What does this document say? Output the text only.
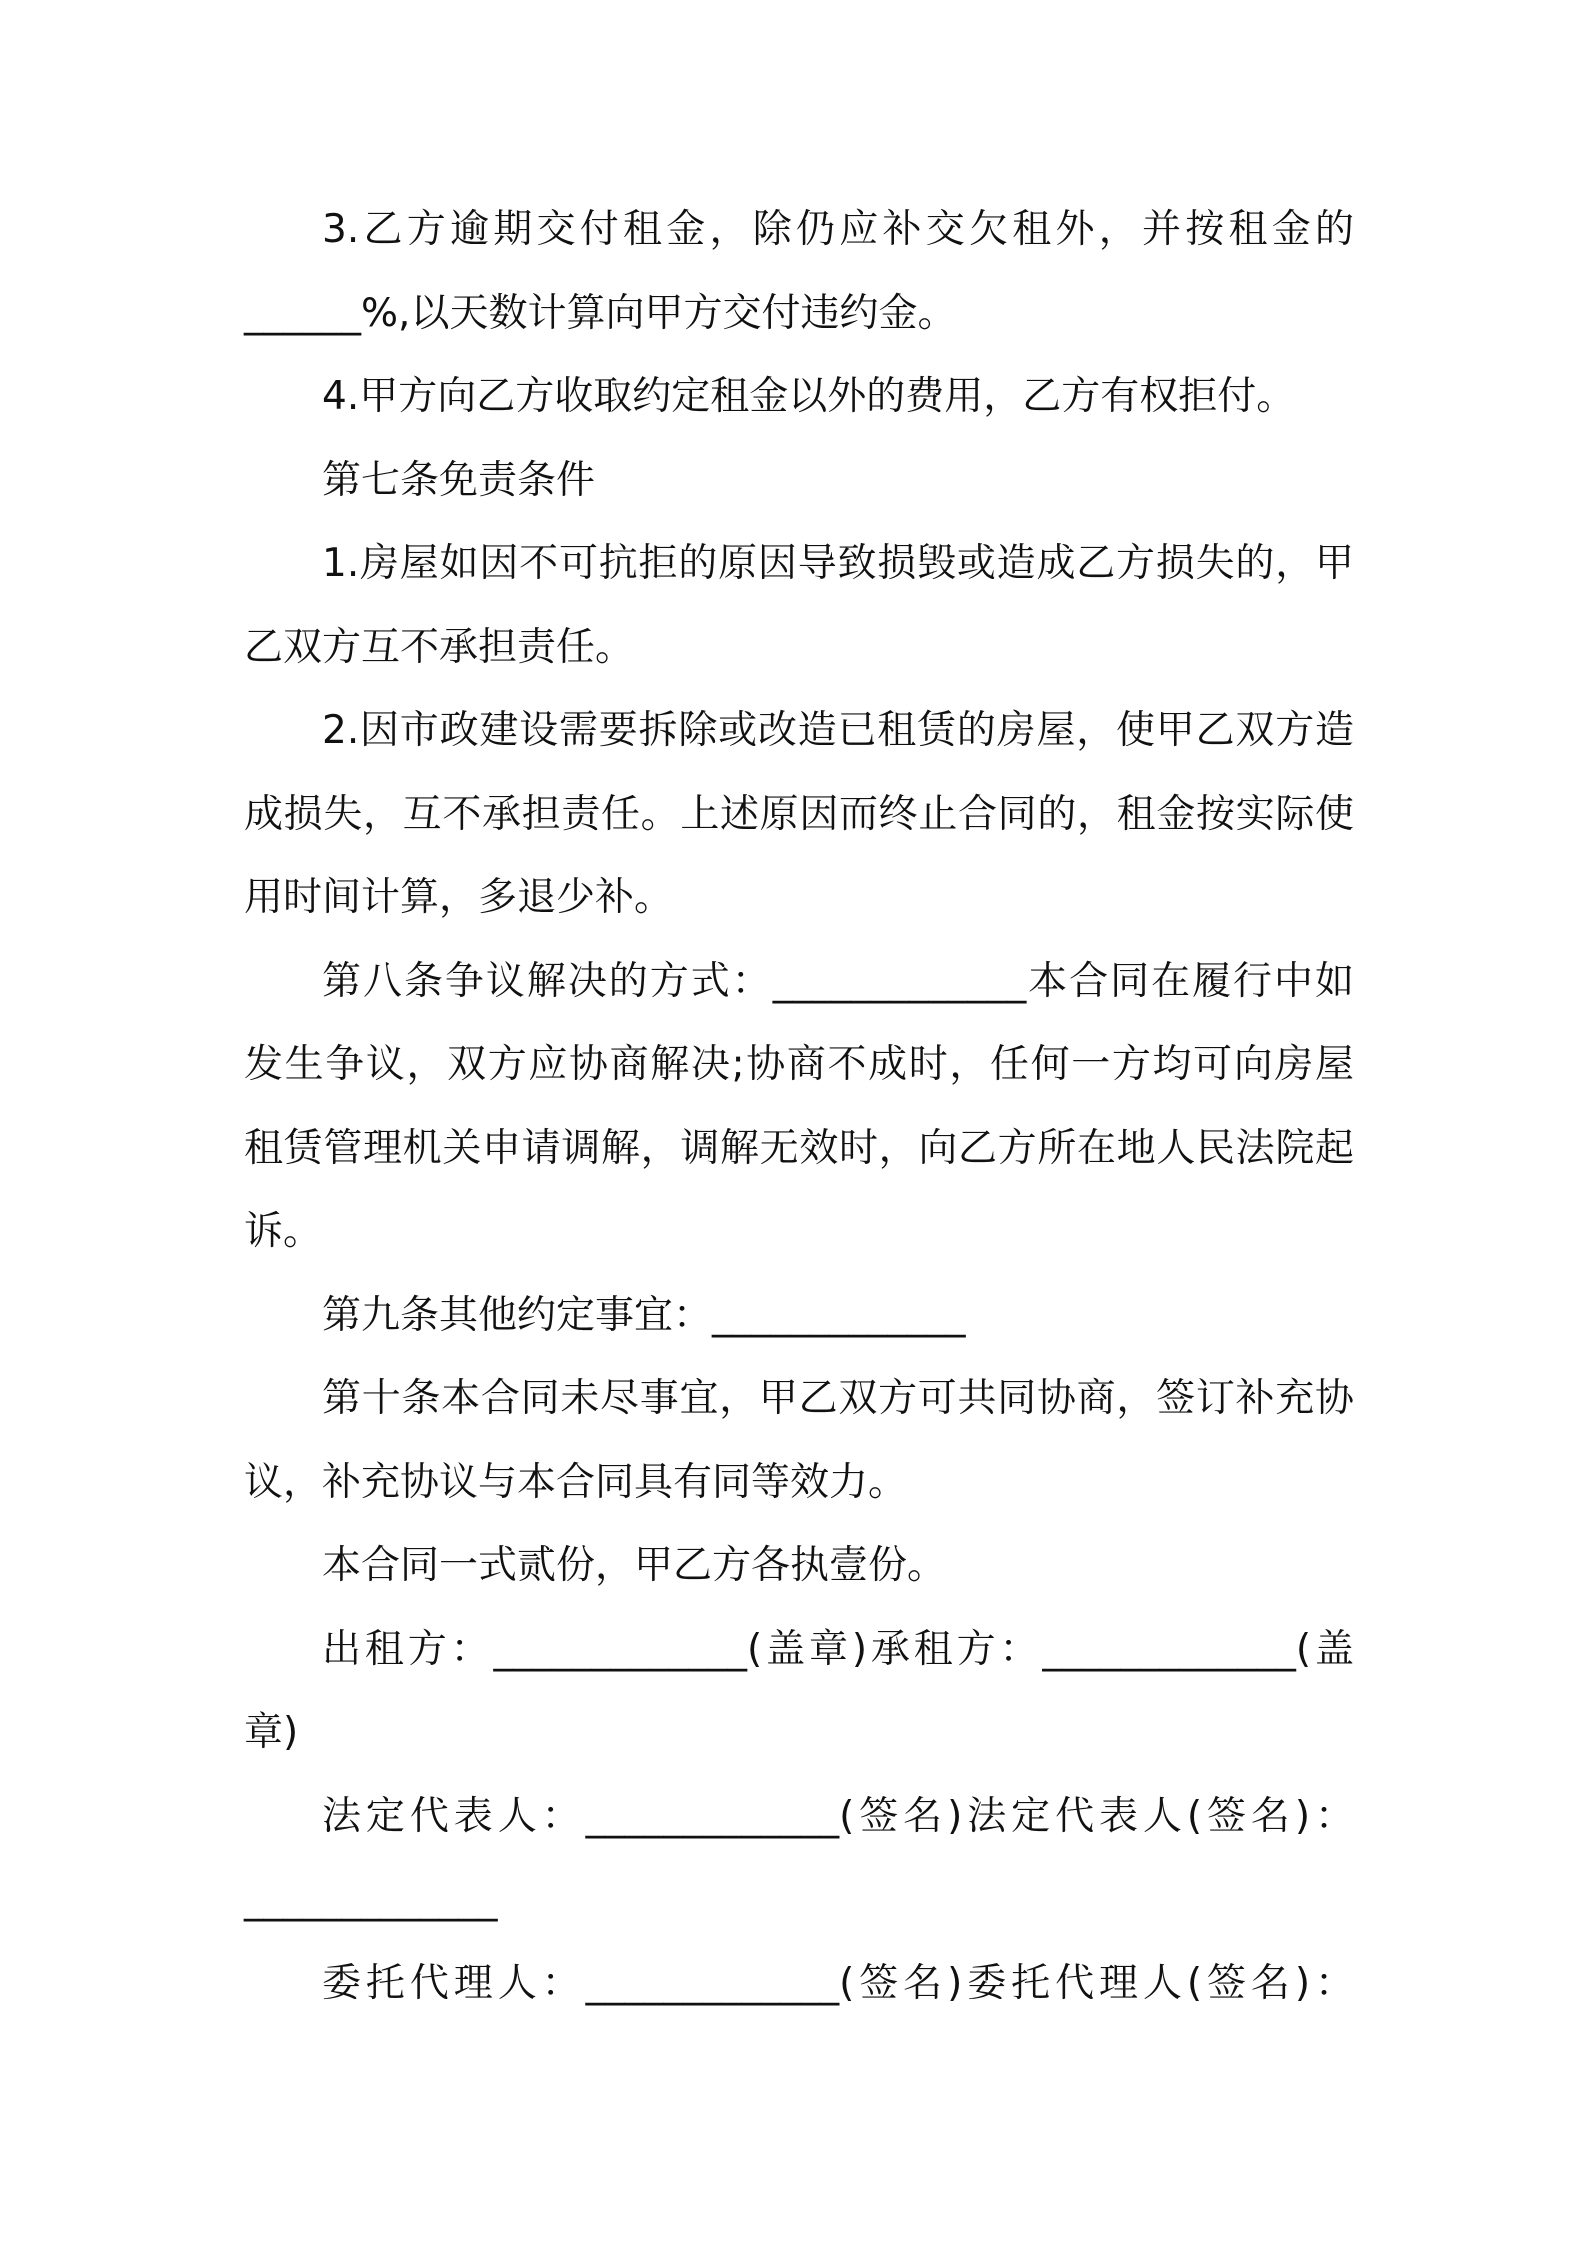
3.乙方逾期交付租金，除仍应补交欠租外，并按租金的
______%,以天数计算向甲方交付违约金。
4.甲方向乙方收取约定租金以外的费用，乙方有权拒付。
第七条免责条件
1.房屋如因不可抗拒的原因导致损毁或造成乙方损失的，甲
乙双方互不承担责任。
2.因市政建设需要拆除或改造已租赁的房屋，使甲乙双方造
成损失，互不承担责任。上述原因而终止合同的，租金按实际使
用时间计算，多退少补。
第八条争议解决的方式：_____________本合同在履行中如
发生争议，双方应协商解决;协商不成时，任何一方均可向房屋
租赁管理机关申请调解，调解无效时，向乙方所在地人民法院起
诉。
第九条其他约定事宜：_____________
第十条本合同未尽事宜，甲乙双方可共同协商，签订补充协
议，补充协议与本合同具有同等效力。
本合同一式贰份，甲乙方各执壹份。
出租方：_____________(盖章)承租方：_____________(盖
章)
法定代表人：_____________(签名)法定代表人(签名)：
_____________
委托代理人：_____________(签名)委托代理人(签名)：
